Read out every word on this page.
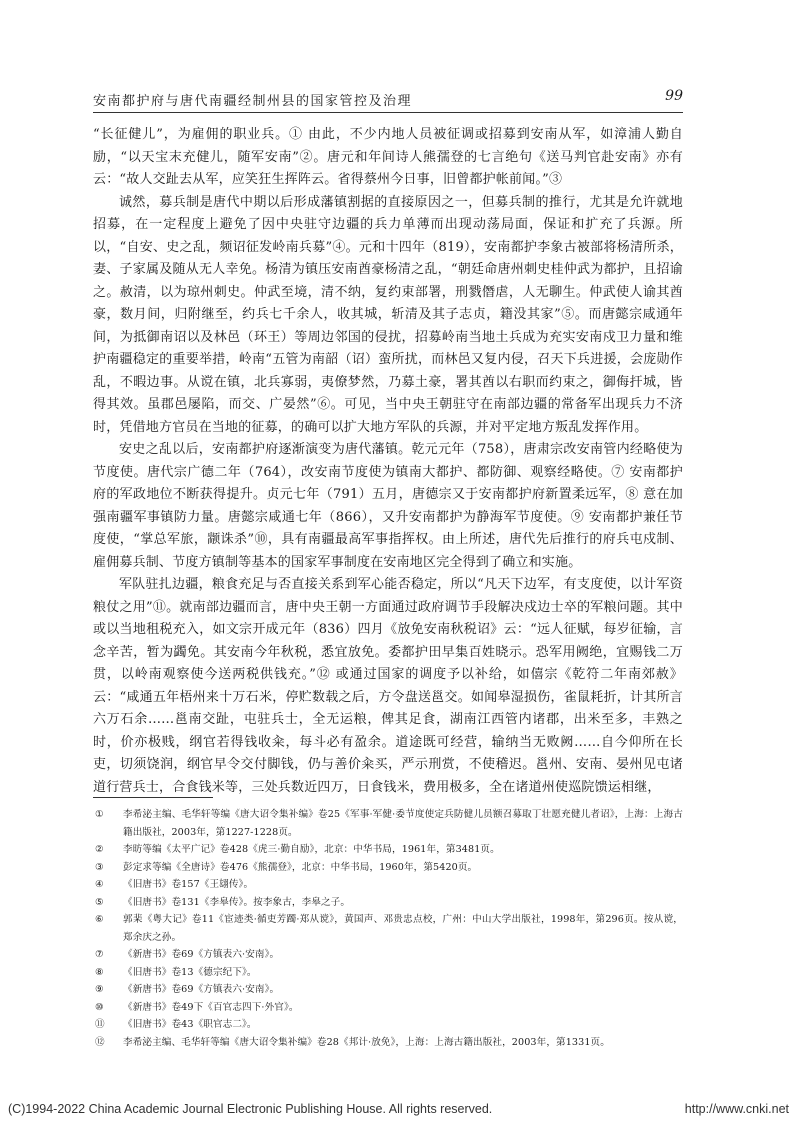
安南都护府与唐代南疆经制州县的国家管控及治理	99

“长征健儿”，为雇佣的职业兵。① 由此，不少内地人员被征调或招募到安南从军，如漳浦人勤自励，“以天宝末充健儿，随军安南”②。唐元和年间诗人熊孺登的七言绝句《送马判官赴安南》亦有云：“故人交趾去从军，应笑狂生挥阵云。省得蔡州今日事，旧曾都护帐前闻。”③

诚然，募兵制是唐代中期以后形成藩镇割据的直接原因之一，但募兵制的推行，尤其是允许就地招募，在一定程度上避免了因中央驻守边疆的兵力单薄而出现动荡局面，保证和扩充了兵源。所以，“自安、史之乱，频诏征发岭南兵募”④。元和十四年（819），安南都护李象古被部将杨清所杀，妻、子家属及随从无人幸免。杨清为镇压安南酋豪杨清之乱，“朝廷命唐州刺史桂仲武为都护，且招谕之。赦清，以为琼州刺史。仲武至境，清不纳，复约束部署，刑戮僭虐，人无聊生。仲武使人谕其酋豪，数月间，归附继至，约兵七千余人，收其城，斩清及其子志贞，籍没其家”⑤。而唐懿宗咸通年间，为抵御南诏以及林邑（环王）等周边邻国的侵扰，招募岭南当地土兵成为充实安南戍卫力量和维护南疆稳定的重要举措，岭南“五管为南韶（诏）蛮所扰，而林邑又复内侵，召天下兵进援，会庞勋作乱，不暇边事。从谠在镇，北兵寡弱，夷僚梦然，乃募土豪，署其酋以右职而约束之，御侮扞城，皆得其效。虽郡邑屡陷，而交、广晏然”⑥。可见，当中央王朝驻守在南部边疆的常备军出现兵力不济时，凭借地方官员在当地的征募，的确可以扩大地方军队的兵源，并对平定地方叛乱发挥作用。

安史之乱以后，安南都护府逐渐演变为唐代藩镇。乾元元年（758），唐肃宗改安南管内经略使为节度使。唐代宗广德二年（764），改安南节度使为镇南大都护、都防御、观察经略使。⑦ 安南都护府的军政地位不断获得提升。贞元七年（791）五月，唐德宗又于安南都护府新置柔远军，⑧ 意在加强南疆军事镇防力量。唐懿宗咸通七年（866），又升安南都护为静海军节度使。⑨ 安南都护兼任节度使，“掌总军旅，颛诛杀”⑩，具有南疆最高军事指挥权。由上所述，唐代先后推行的府兵屯戍制、雇佣募兵制、节度方镇制等基本的国家军事制度在安南地区完全得到了确立和实施。

军队驻扎边疆，粮食充足与否直接关系到军心能否稳定，所以“凡天下边军，有支度使，以计军资粮仗之用”⑪。就南部边疆而言，唐中央王朝一方面通过政府调节手段解决戍边士卒的军粮问题。其中或以当地租税充入，如文宗开成元年（836）四月《放免安南秋税诏》云：“远人征赋，每岁征输，言念辛苦，暂为蠲免。其安南今年秋税，悉宜放免。委都护田早集百姓晓示。恐军用阙绝，宜赐钱二万贯，以岭南观察使今送两税供钱充。”⑫ 或通过国家的调度予以补给，如僖宗《乾符二年南郊赦》云：“咸通五年梧州来十万石米，停贮数载之后，方令盘送邕交。如闻皋湿损伤，雀鼠耗折，计其所言六万石余……邕南交趾，屯驻兵士，全无运粮，俾其足食，湖南江西管内诸郡，出米至多，丰熟之时，价亦极贱，纲官若得钱收籴，每斗必有盈余。道途既可经营，输纳当无败阙……自今仰所在长吏，切须饶润，纲官早令交付脚钱，仍与善价籴买，严示刑赏，不使稽迟。邕州、安南、晏州见屯诸道行营兵士，合食钱米等，三处兵数近四万，日食钱米，费用极多，全在诸道州使巡院馈运相继，

①	李希泌主编、毛华轩等编《唐大诏令集补编》卷25《军事·军健·委节度使定兵防健儿员额召募取丁壮愿充健儿者诏》，上海：上海古籍出版社，2003年，第1227-1228页。
②	李昉等编《太平广记》卷428《虎三·勤自励》，北京：中华书局，1961年，第3481页。
③	彭定求等编《全唐诗》卷476《熊孺登》，北京：中华书局，1960年，第5420页。
④	《旧唐书》卷157《王翃传》。
⑤	《旧唐书》卷131《李皋传》。按李象古，李皋之子。
⑥	郭棐《粤大记》卷11《宦迹类·循吏芳躅·郑从谠》，黄国声、邓贵忠点校，广州：中山大学出版社，1998年，第296页。按从谠，郑余庆之孙。
⑦	《新唐书》卷69《方镇表六·安南》。
⑧	《旧唐书》卷13《德宗纪下》。
⑨	《新唐书》卷69《方镇表六·安南》。
⑩	《新唐书》卷49下《百官志四下·外官》。
⑪	《旧唐书》卷43《职官志二》。
⑫	李希泌主编、毛华轩等编《唐大诏令集补编》卷28《邦计·放免》，上海：上海古籍出版社，2003年，第1331页。
(C)1994-2022 China Academic Journal Electronic Publishing House. All rights reserved.	http://www.cnki.net
